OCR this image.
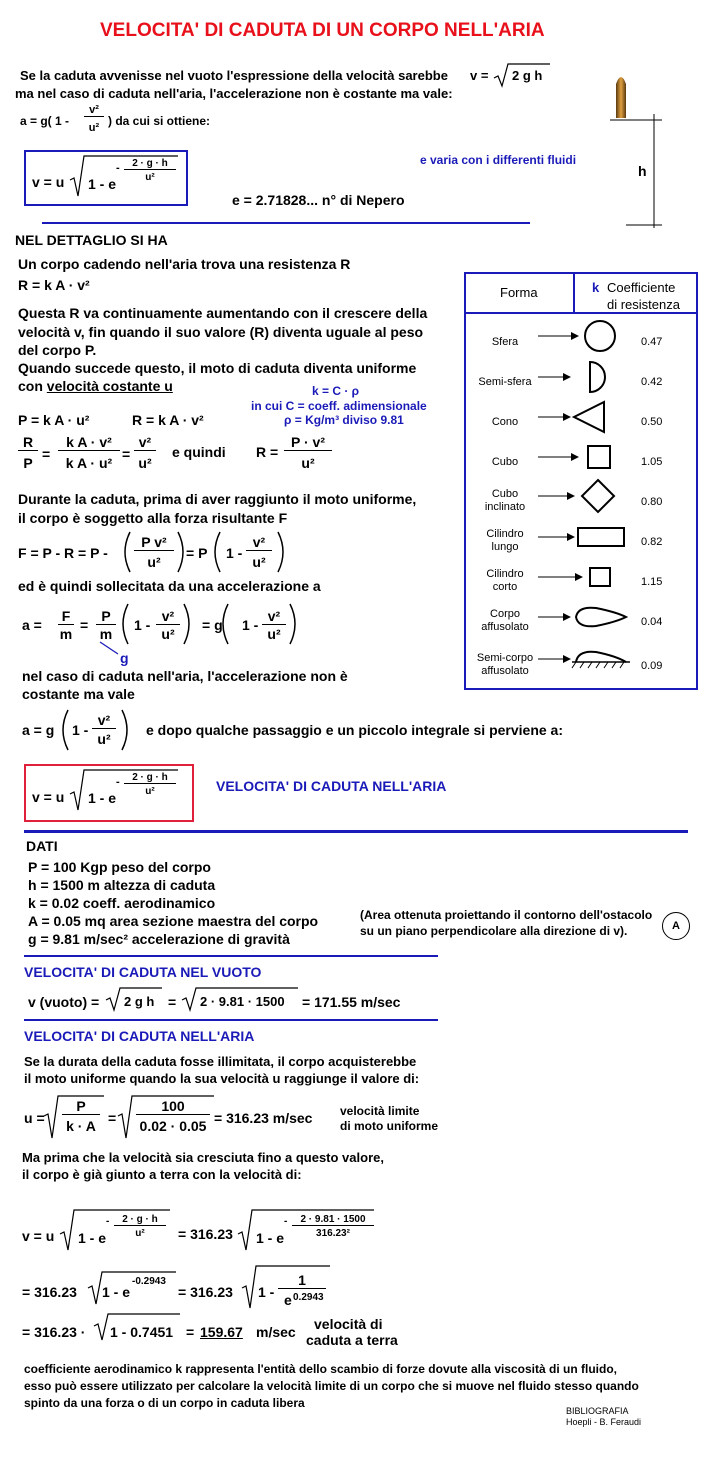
VELOCITA' DI CADUTA DI UN CORPO NELL'ARIA
Se la caduta avvenisse nel vuoto l'espressione della velocità sarebbe v = 2 g h
ma nel caso di caduta nell'aria, l'accelerazione non è costante ma vale:
a = g( 1 -
v²
u² ) da cui si ottiene:
h
v = u 1 - e
-	2 · g · h
u²
e varia con i differenti fluidi
e = 2.71828... n° di Nepero
NEL DETTAGLIO SI HA
Un corpo cadendo nell'aria trova una resistenza R
R = k A · v²
Questa R va continuamente aumentando con il crescere della
velocità v, fin quando il suo valore (R) diventa uguale al peso
del corpo P.
Quando succede questo, il moto di caduta diventa uniforme
con velocità costante u	k = C · ρ
in cui C = coeff. adimensionale
ρ = Kg/m³ diviso 9.81
P = k A · u²	R = k A · v²
R
P
=
k A · v²
k A · u²
=
v²
u²
e quindi R =
P · v²
u²
Durante la caduta, prima di aver raggiunto il moto uniforme,
il corpo è soggetto alla forza risultante F
F = P - R = P -
P v²
u²
= P 1 -
v²
u²
ed è quindi sollecitata da una accelerazione a
a =
F
m
=
P
m
1 -
v²
u²
= g 1 -
v²
u²
g
nel caso di caduta nell'aria, l'accelerazione non è
costante ma vale
a = g 1 -
v²
u²
e dopo qualche passaggio e un piccolo integrale si perviene a:
v = u 1 - e
-	2 · g · h
u²	VELOCITA' DI CADUTA NELL'ARIA
Forma	k Coefficiente
di resistenza
Sfera	0.47
Semi-sfera	0.42
Cono	0.50
Cubo	1.05
Cubo
inclinato	0.80
Cilindro
lungo	0.82
Cilindro
corto	1.15
Corpo
affusolato	0.04
Semi-corpo
affusolato	0.09
DATI
P = 100 Kgp peso del corpo
h = 1500 m altezza di caduta
k = 0.02 coeff. aerodinamico
A = 0.05 mq area sezione maestra del corpo
g = 9.81 m/sec² accelerazione di gravità
(Area ottenuta proiettando il contorno dell'ostacolo
su un piano perpendicolare alla direzione di v).	A
VELOCITA' DI CADUTA NEL VUOTO
v (vuoto) = 2 g h = 2 · 9.81 · 1500 = 171.55 m/sec
VELOCITA' DI CADUTA NELL'ARIA
Se la durata della caduta fosse illimitata, il corpo acquisterebbe
il moto uniforme quando la sua velocità u raggiunge il valore di:
u =
P
k · A =
100
0.02 · 0.05 = 316.23 m/sec velocità limite
di moto uniforme
Ma prima che la velocità sia cresciuta fino a questo valore,
il corpo è già giunto a terra con la velocità di:
v = u 1 - e
-	2 · g · h
u²	= 316.23 1 - e
-	2 · 9.81 · 1500
316.23²
= 316.23 1 - e
-0.2943
= 316.23 1 -
1
e 0.2943
= 316.23 · 1 - 0.7451 = 159.67 m/sec velocità di
caduta a terra
coefficiente aerodinamico k rappresenta l'entità dello scambio di forze dovute alla viscosità di un fluido,
esso può essere utilizzato per calcolare la velocità limite di un corpo che si muove nel fluido stesso quando
spinto da una forza o di un corpo in caduta libera
BIBLIOGRAFIA
Hoepli - B. Feraudi
